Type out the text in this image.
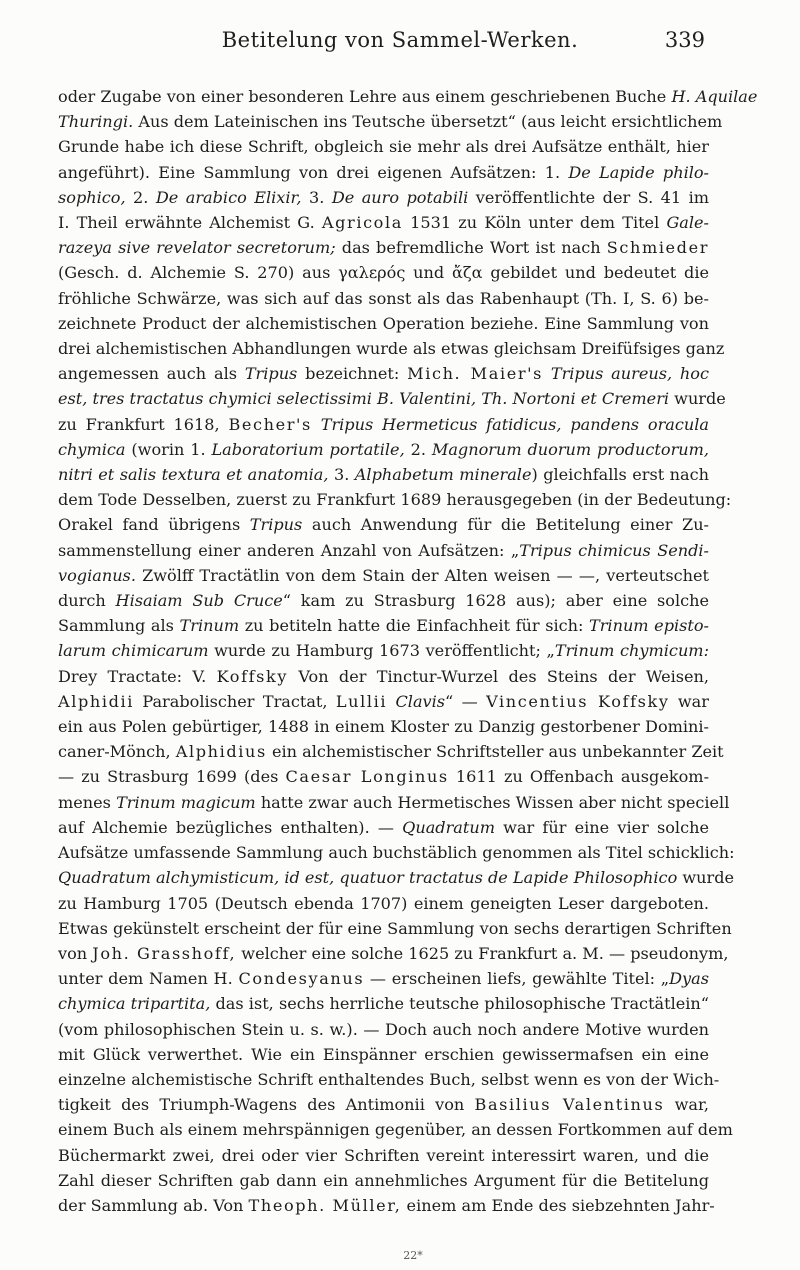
Betitelung von Sammel-Werken.	339
oder Zugabe von einer besonderen Lehre aus einem geschriebenen Buche H. Aquilae
Thuringi. Aus dem Lateinischen ins Teutsche übersetzt“ (aus leicht ersichtlichem
Grunde habe ich diese Schrift, obgleich sie mehr als drei Aufsätze enthält, hier
angeführt). Eine Sammlung von drei eigenen Aufsätzen: 1. De Lapide philo-
sophico, 2. De arabico Elixir, 3. De auro potabili veröffentlichte der S. 41 im
I. Theil erwähnte Alchemist G. Agricola 1531 zu Köln unter dem Titel Gale-
razeya sive revelator secretorum; das befremdliche Wort ist nach Schmieder
(Gesch. d. Alchemie S. 270) aus γαλερός und ἄζα gebildet und bedeutet die
fröhliche Schwärze, was sich auf das sonst als das Rabenhaupt (Th. I, S. 6) be-
zeichnete Product der alchemistischen Operation beziehe. Eine Sammlung von
drei alchemistischen Abhandlungen wurde als etwas gleichsam Dreifüfsiges ganz
angemessen auch als Tripus bezeichnet: Mich. Maier's Tripus aureus, hoc
est, tres tractatus chymici selectissimi B. Valentini, Th. Nortoni et Cremeri wurde
zu Frankfurt 1618, Becher's Tripus Hermeticus fatidicus, pandens oracula
chymica (worin 1. Laboratorium portatile, 2. Magnorum duorum productorum,
nitri et salis textura et anatomia, 3. Alphabetum minerale) gleichfalls erst nach
dem Tode Desselben, zuerst zu Frankfurt 1689 herausgegeben (in der Bedeutung:
Orakel fand übrigens Tripus auch Anwendung für die Betitelung einer Zu-
sammenstellung einer anderen Anzahl von Aufsätzen: „Tripus chimicus Sendi-
vogianus. Zwölff Tractätlin von dem Stain der Alten weisen — —, verteutschet
durch Hisaiam Sub Cruce“ kam zu Strasburg 1628 aus); aber eine solche
Sammlung als Trinum zu betiteln hatte die Einfachheit für sich: Trinum episto-
larum chimicarum wurde zu Hamburg 1673 veröffentlicht; „Trinum chymicum:
Drey Tractate: V. Koffsky Von der Tinctur-Wurzel des Steins der Weisen,
Alphidii Parabolischer Tractat, Lullii Clavis“ — Vincentius Koffsky war
ein aus Polen gebürtiger, 1488 in einem Kloster zu Danzig gestorbener Domini-
caner-Mönch, Alphidius ein alchemistischer Schriftsteller aus unbekannter Zeit
— zu Strasburg 1699 (des Caesar Longinus 1611 zu Offenbach ausgekom-
menes Trinum magicum hatte zwar auch Hermetisches Wissen aber nicht speciell
auf Alchemie bezügliches enthalten). — Quadratum war für eine vier solche
Aufsätze umfassende Sammlung auch buchstäblich genommen als Titel schicklich:
Quadratum alchymisticum, id est, quatuor tractatus de Lapide Philosophico wurde
zu Hamburg 1705 (Deutsch ebenda 1707) einem geneigten Leser dargeboten.
Etwas gekünstelt erscheint der für eine Sammlung von sechs derartigen Schriften
von Joh. Grasshoff, welcher eine solche 1625 zu Frankfurt a. M. — pseudonym,
unter dem Namen H. Condesyanus — erscheinen liefs, gewählte Titel: „Dyas
chymica tripartita, das ist, sechs herrliche teutsche philosophische Tractätlein“
(vom philosophischen Stein u. s. w.). — Doch auch noch andere Motive wurden
mit Glück verwerthet. Wie ein Einspänner erschien gewissermafsen ein eine
einzelne alchemistische Schrift enthaltendes Buch, selbst wenn es von der Wich-
tigkeit des Triumph-Wagens des Antimonii von Basilius Valentinus war,
einem Buch als einem mehrspännigen gegenüber, an dessen Fortkommen auf dem
Büchermarkt zwei, drei oder vier Schriften vereint interessirt waren, und die
Zahl dieser Schriften gab dann ein annehmliches Argument für die Betitelung
der Sammlung ab. Von Theoph. Müller, einem am Ende des siebzehnten Jahr-
22*
